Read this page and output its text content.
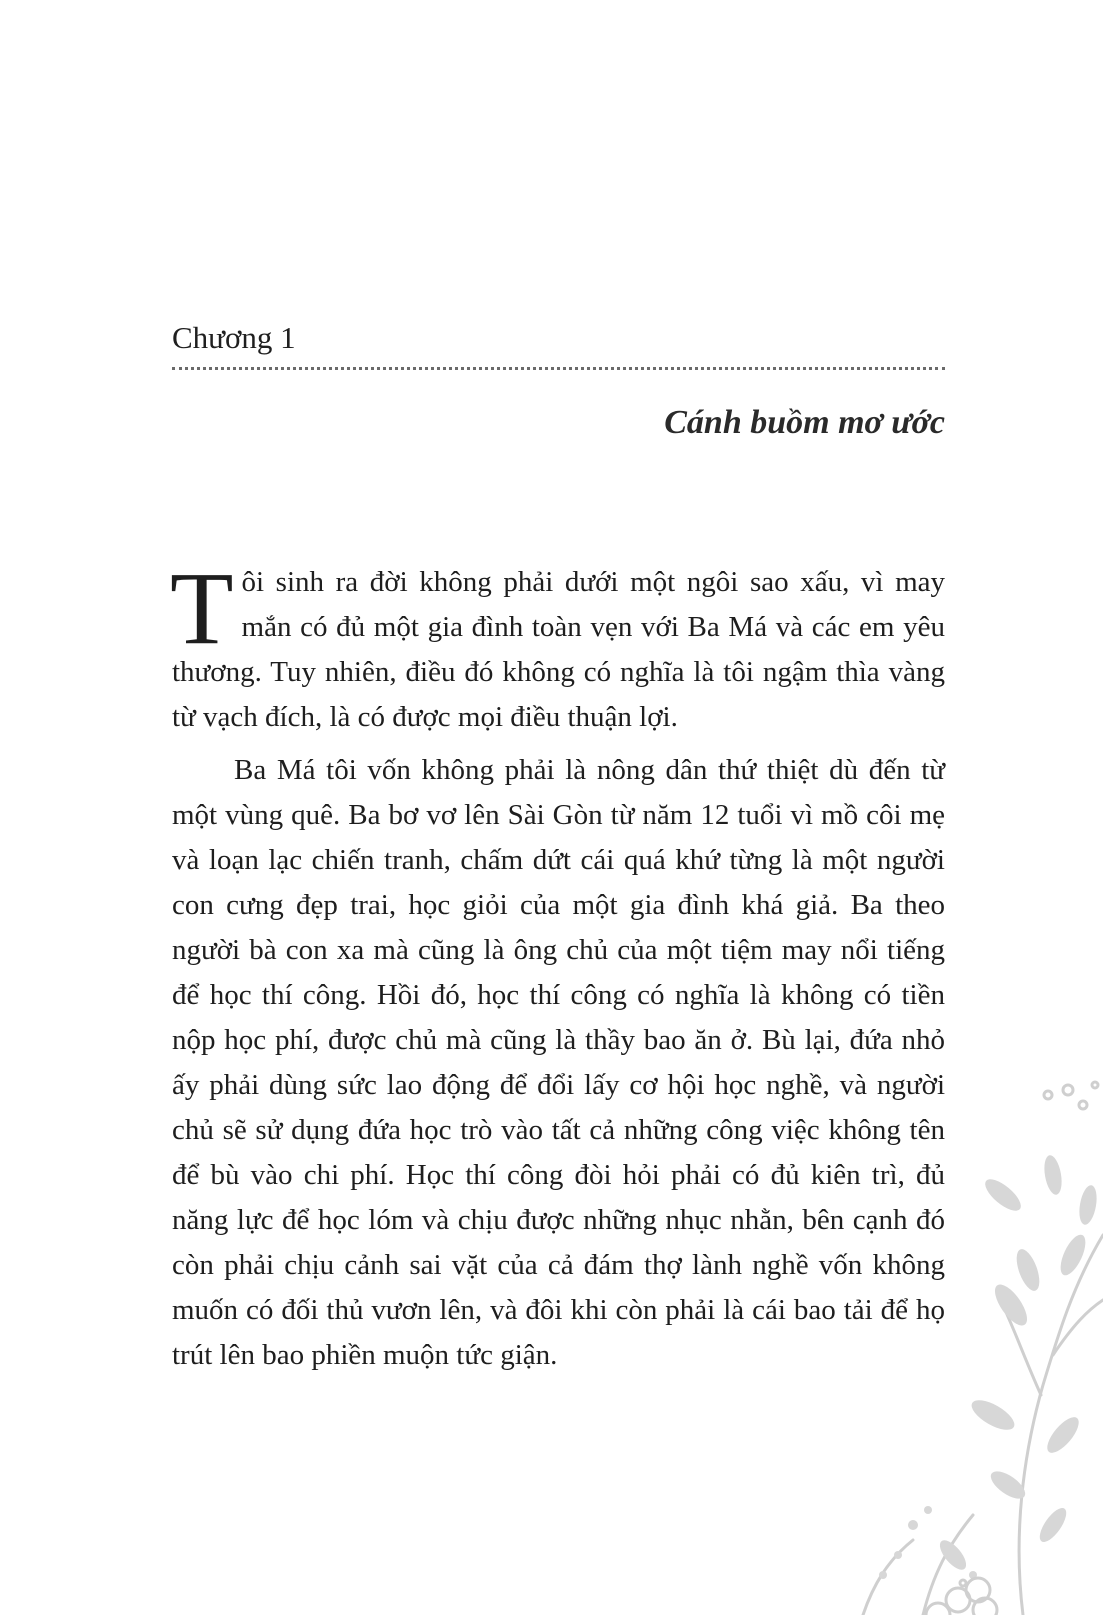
Chương 1
Cánh buồm mơ ước

Tôi sinh ra đời không phải dưới một ngôi sao xấu, vì may mắn có đủ một gia đình toàn vẹn với Ba Má và các em yêu thương. Tuy nhiên, điều đó không có nghĩa là tôi ngậm thìa vàng từ vạch đích, là có được mọi điều thuận lợi.

Ba Má tôi vốn không phải là nông dân thứ thiệt dù đến từ một vùng quê. Ba bơ vơ lên Sài Gòn từ năm 12 tuổi vì mồ côi mẹ và loạn lạc chiến tranh, chấm dứt cái quá khứ từng là một người con cưng đẹp trai, học giỏi của một gia đình khá giả. Ba theo người bà con xa mà cũng là ông chủ của một tiệm may nổi tiếng để học thí công. Hồi đó, học thí công có nghĩa là không có tiền nộp học phí, được chủ mà cũng là thầy bao ăn ở. Bù lại, đứa nhỏ ấy phải dùng sức lao động để đổi lấy cơ hội học nghề, và người chủ sẽ sử dụng đứa học trò vào tất cả những công việc không tên để bù vào chi phí. Học thí công đòi hỏi phải có đủ kiên trì, đủ năng lực để học lóm và chịu được những nhục nhằn, bên cạnh đó còn phải chịu cảnh sai vặt của cả đám thợ lành nghề vốn không muốn có đối thủ vươn lên, và đôi khi còn phải là cái bao tải để họ trút lên bao phiền muộn tức giận.
